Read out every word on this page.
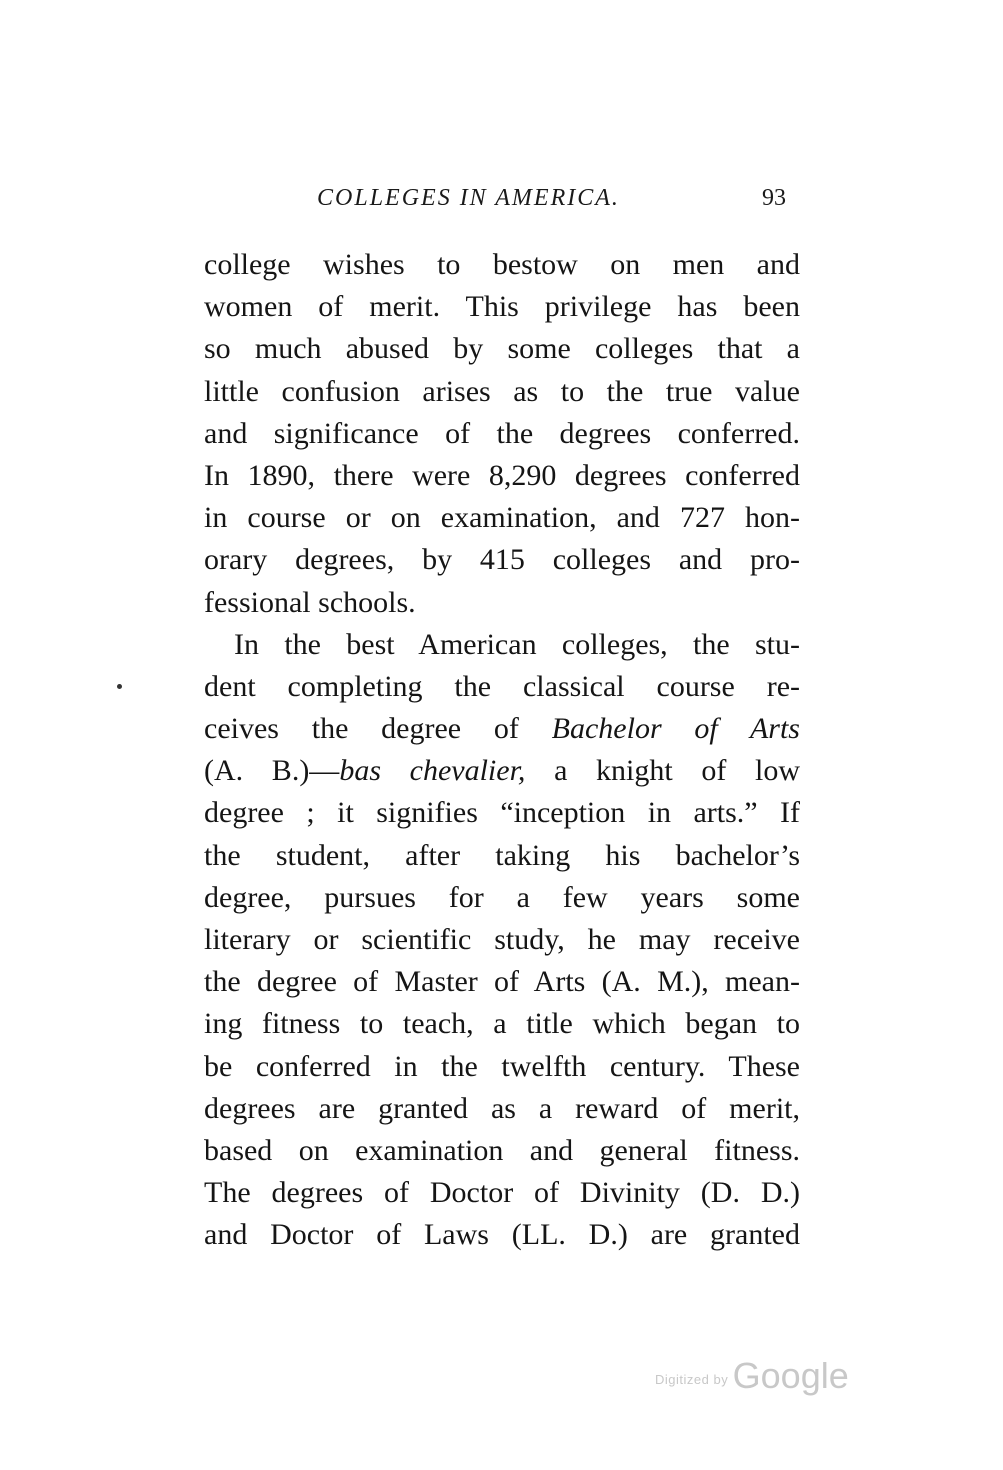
COLLEGES IN AMERICA.	93
college wishes to bestow on men and
women of merit. This privilege has been
so much abused by some colleges that a
little confusion arises as to the true value
and significance of the degrees conferred.
In 1890, there were 8,290 degrees conferred
in course or on examination, and 727 hon-
orary degrees, by 415 colleges and pro-
fessional schools.
In the best American colleges, the stu-
dent completing the classical course re-
ceives the degree of Bachelor of Arts
(A. B.)—bas chevalier, a knight of low
degree ; it signifies “inception in arts.” If
the student, after taking his bachelor’s
degree, pursues for a few years some
literary or scientific study, he may receive
the degree of Master of Arts (A. M.), mean-
ing fitness to teach, a title which began to
be conferred in the twelfth century. These
degrees are granted as a reward of merit,
based on examination and general fitness.
The degrees of Doctor of Divinity (D. D.)
and Doctor of Laws (LL. D.) are granted
$^{Digitized by}$ Google
